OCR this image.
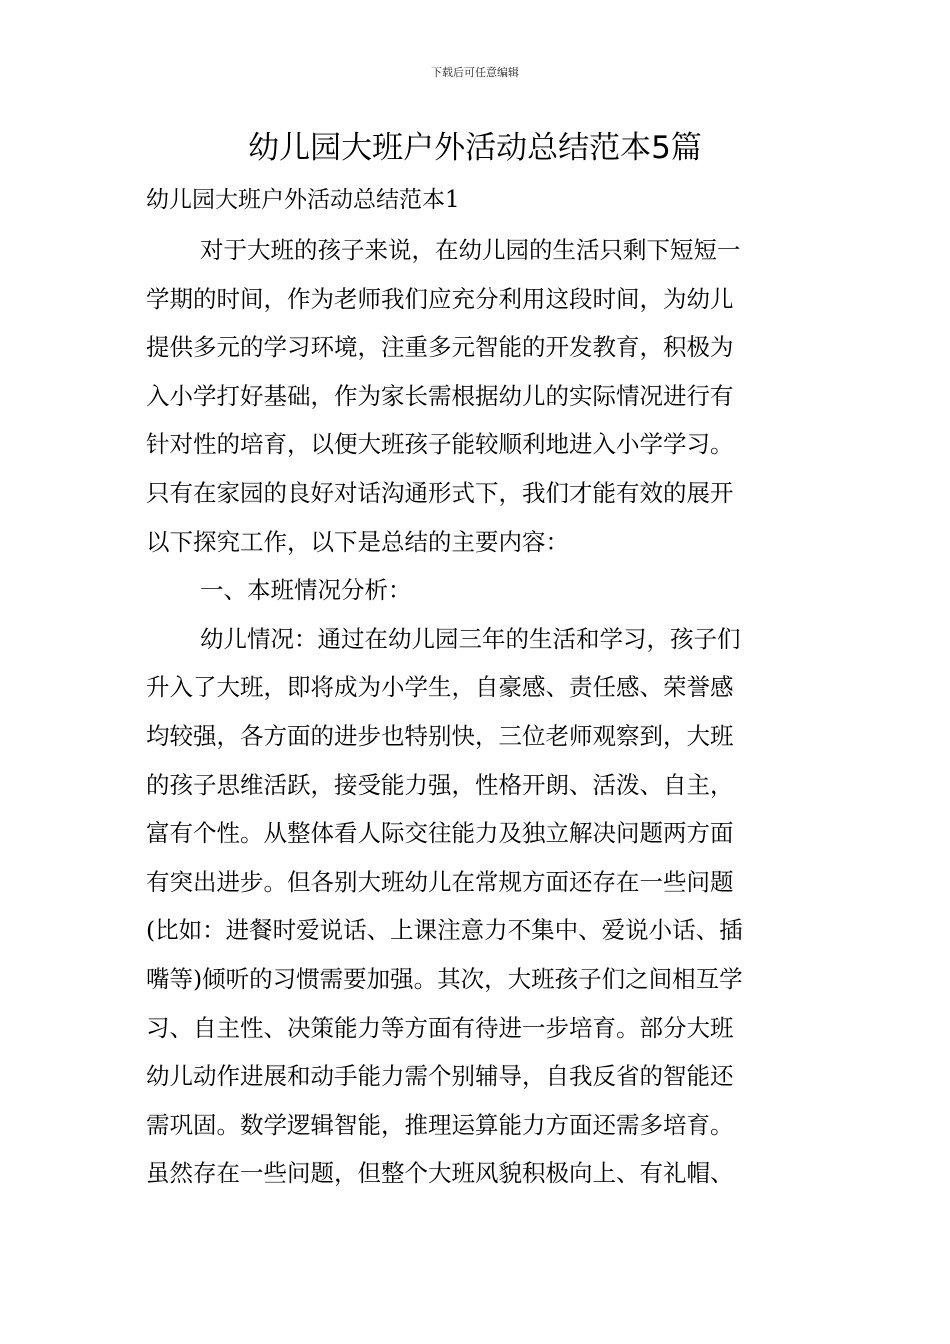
下载后可任意编辑
幼儿园大班户外活动总结范本5篇
幼儿园大班户外活动总结范本1
对于大班的孩子来说，在幼儿园的生活只剩下短短一
学期的时间，作为老师我们应充分利用这段时间，为幼儿
提供多元的学习环境，注重多元智能的开发教育，积极为
入小学打好基础，作为家长需根据幼儿的实际情况进行有
针对性的培育，以便大班孩子能较顺利地进入小学学习。
只有在家园的良好对话沟通形式下，我们才能有效的展开
以下探究工作，以下是总结的主要内容：
一、本班情况分析：
幼儿情况：通过在幼儿园三年的生活和学习，孩子们
升入了大班，即将成为小学生，自豪感、责任感、荣誉感
均较强，各方面的进步也特别快，三位老师观察到，大班
的孩子思维活跃，接受能力强，性格开朗、活泼、自主，
富有个性。从整体看人际交往能力及独立解决问题两方面
有突出进步。但各别大班幼儿在常规方面还存在一些问题
(比如：进餐时爱说话、上课注意力不集中、爱说小话、插
嘴等)倾听的习惯需要加强。其次，大班孩子们之间相互学
习、自主性、决策能力等方面有待进一步培育。部分大班
幼儿动作进展和动手能力需个别辅导，自我反省的智能还
需巩固。数学逻辑智能，推理运算能力方面还需多培育。
虽然存在一些问题，但整个大班风貌积极向上、有礼帽、
